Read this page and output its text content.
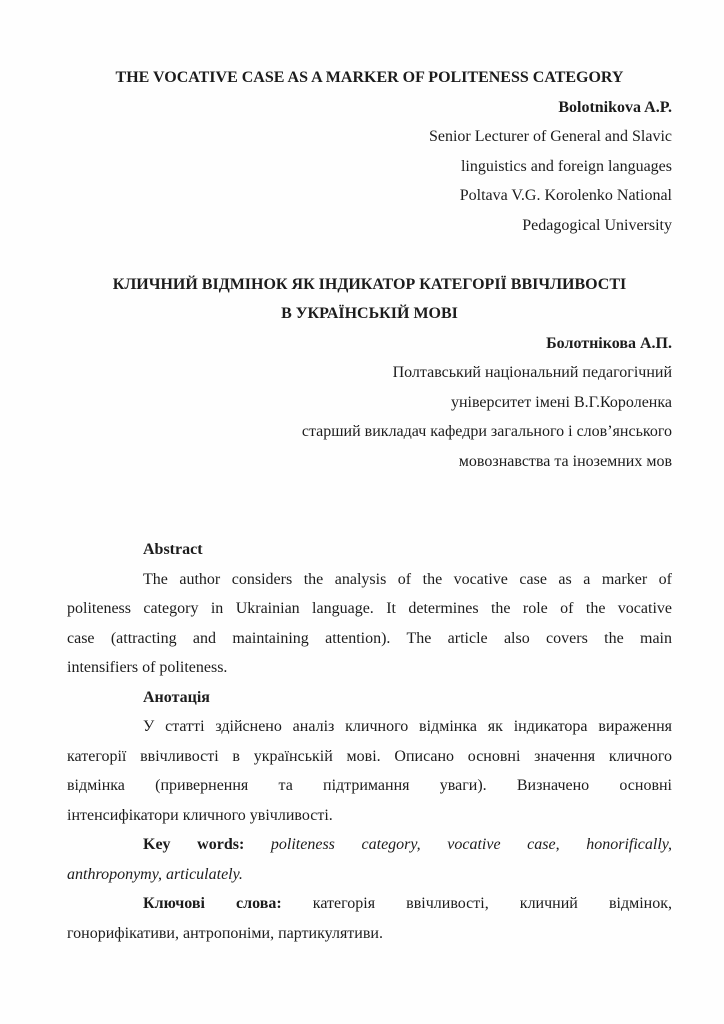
THE VOCATIVE CASE AS A MARKER OF POLITENESS CATEGORY
Bolotnikova A.P.
Senior Lecturer of General and Slavic
linguistics and foreign languages
Poltava V.G. Korolenko National
Pedagogical University
КЛИЧНИЙ ВІДМІНОК ЯК ІНДИКАТОР КАТЕГОРІЇ ВВІЧЛИВОСТІ
В УКРАЇНСЬКІЙ МОВІ
Болотнікова А.П.
Полтавський національний педагогічний
університет імені В.Г.Короленка
старший викладач кафедри загального і слов’янського
мовознавства та іноземних мов
Abstract
The author considers the analysis of the vocative case as a marker of
politeness category in Ukrainian language. It determines the role of the vocative
case (attracting and maintaining attention). The article also covers the main
intensifiers of politeness.
Анотація
У статті здійснено аналіз кличного відмінка як індикатора вираження
категорії ввічливості в українській мові. Описано основні значення кличного
відмінка (привернення та підтримання уваги). Визначено основні
інтенсифікатори кличного увічливості.
Key words: politeness category, vocative case, honorifically,
anthroponymy, articulately.
Ключові слова: категорія ввічливості, кличний відмінок,
гонорифікативи, антропоніми, партикулятиви.
